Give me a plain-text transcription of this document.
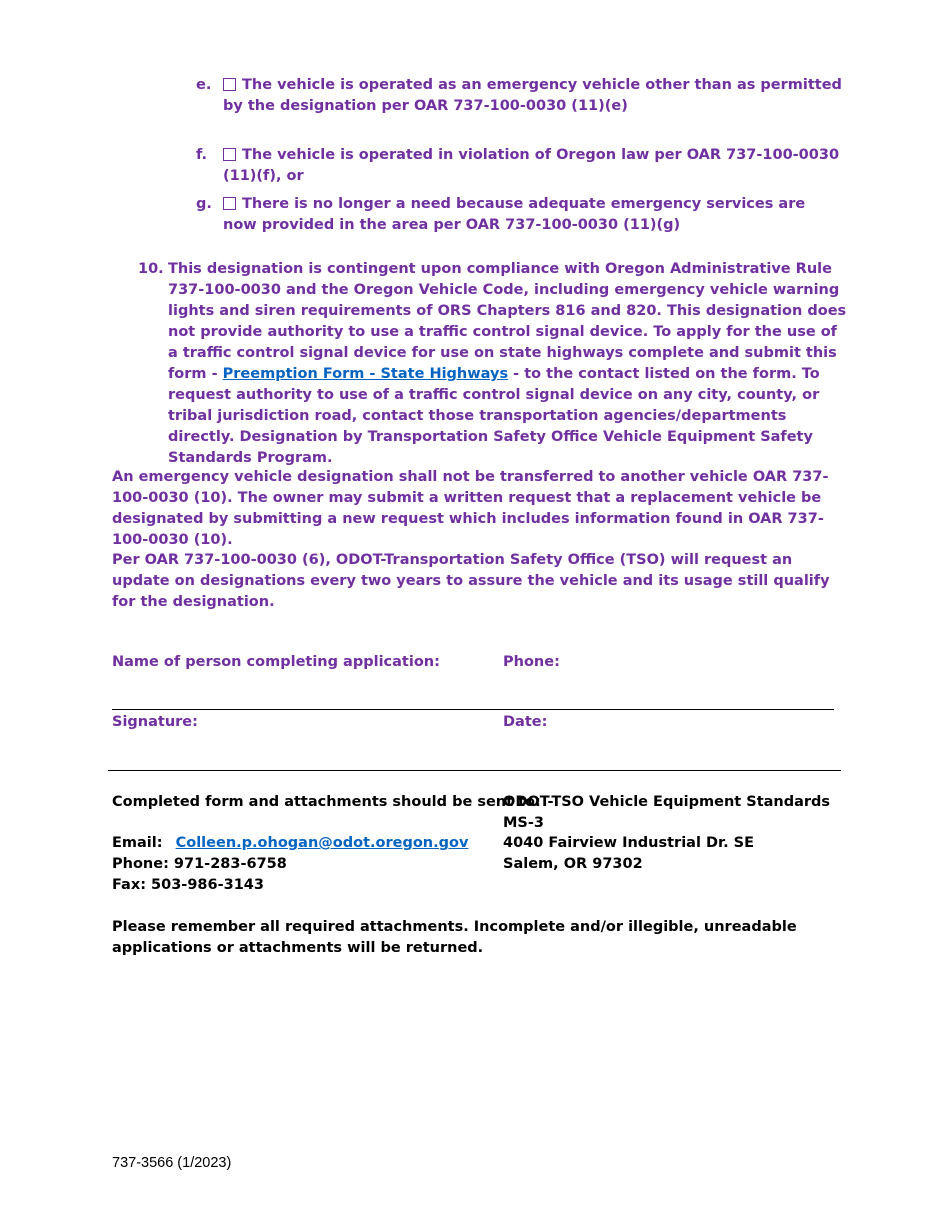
e.	The vehicle is operated as an emergency vehicle other than as permitted by the designation per OAR 737-100-0030 (11)(e)
f.	The vehicle is operated in violation of Oregon law per OAR 737-100-0030 (11)(f), or
g.	There is no longer a need because adequate emergency services are now provided in the area per OAR 737-100-0030 (11)(g)
10. This designation is contingent upon compliance with Oregon Administrative Rule 737-100-0030 and the Oregon Vehicle Code, including emergency vehicle warning lights and siren requirements of ORS Chapters 816 and 820. This designation does not provide authority to use a traffic control signal device. To apply for the use of a traffic control signal device for use on state highways complete and submit this form - Preemption Form - State Highways - to the contact listed on the form. To request authority to use of a traffic control signal device on any city, county, or tribal jurisdiction road, contact those transportation agencies/departments directly. Designation by Transportation Safety Office Vehicle Equipment Safety Standards Program.
An emergency vehicle designation shall not be transferred to another vehicle OAR 737-100-0030 (10). The owner may submit a written request that a replacement vehicle be designated by submitting a new request which includes information found in OAR 737-100-0030 (10).
Per OAR 737-100-0030 (6), ODOT-Transportation Safety Office (TSO) will request an update on designations every two years to assure the vehicle and its usage still qualify for the designation.
Name of person completing application:	Phone:
Signature:	Date:
Completed form and attachments should be sent to:
Email: Colleen.p.ohogan@odot.oregon.gov
Phone: 971-283-6758
Fax: 503-986-3143
ODOT-TSO Vehicle Equipment Standards
MS-3
4040 Fairview Industrial Dr. SE
Salem, OR 97302
Please remember all required attachments. Incomplete and/or illegible, unreadable applications or attachments will be returned.
737-3566 (1/2023)
